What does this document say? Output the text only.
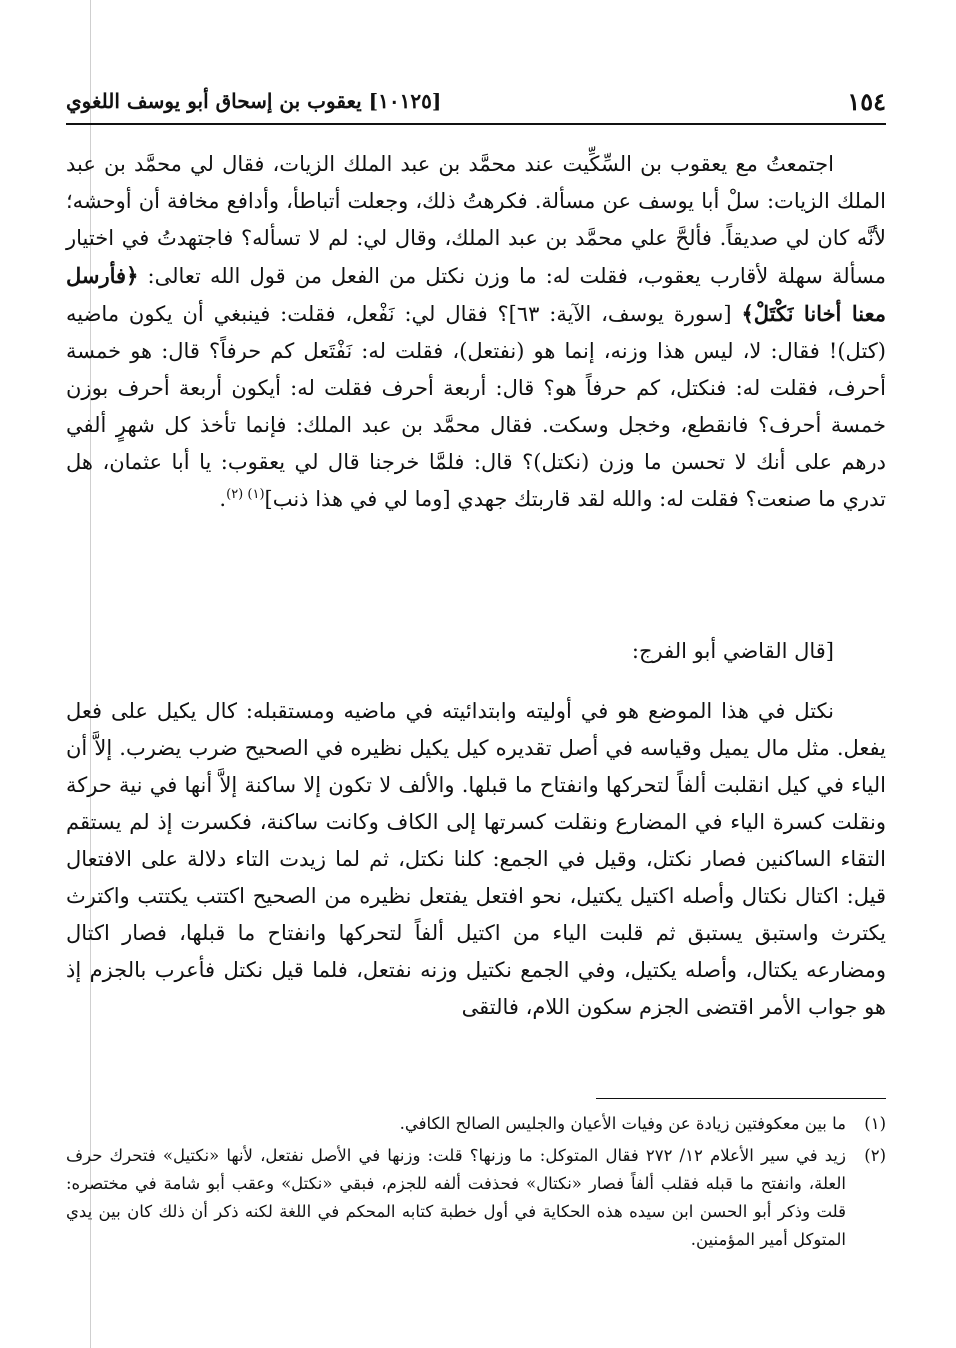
١٥٤
[١٠١٢٥] يعقوب بن إسحاق أبو يوسف اللغوي

اجتمعتُ مع يعقوب بن السِّكِّيت عند محمَّد بن عبد الملك الزيات، فقال لي محمَّد بن عبد الملك الزيات: سلْ أبا يوسف عن مسألة. فكرهتُ ذلك، وجعلت أتباطأ، وأدافع مخافة أن أوحشه؛ لأنَّه كان لي صديقاً. فألحَّ علي محمَّد بن عبد الملك، وقال لي: لم لا تسأله؟ فاجتهدتُ في اختيار مسألة سهلة لأقارب يعقوب، فقلت له: ما وزن نكتل من الفعل من قول الله تعالى: ﴿فأرسل معنا أخانا نَكْتَلْ﴾ [سورة يوسف، الآية: ٦٣]؟ فقال لي: نَفْعل، فقلت: فينبغي أن يكون ماضيه (كتل)! فقال: لا، ليس هذا وزنه، إنما هو (نفتعل)، فقلت له: نَفْتَعل كم حرفاً؟ قال: هو خمسة أحرف، فقلت له: فنكتل، كم حرفاً هو؟ قال: أربعة أحرف فقلت له: أيكون أربعة أحرف بوزن خمسة أحرف؟ فانقطع، وخجل وسكت. فقال محمَّد بن عبد الملك: فإنما تأخذ كل شهرٍ ألفي درهم على أنك لا تحسن ما وزن (نكتل)؟ قال: فلمَّا خرجنا قال لي يعقوب: يا أبا عثمان، هل تدري ما صنعت؟ فقلت له: والله لقد قاربتك جهدي [وما لي في هذا ذنب]$^{(١) (٢)}$.

[قال القاضي أبو الفرج:

نكتل في هذا الموضع هو في أوليته وابتدائيته في ماضيه ومستقبله: كال يكيل على فعل يفعل. مثل مال يميل وقياسه في أصل تقديره كيل يكيل نظيره في الصحيح ضرب يضرب. إلاَّ أن الياء في كيل انقلبت ألفاً لتحركها وانفتاح ما قبلها. والألف لا تكون إلا ساكنة إلاَّ أنها في نية حركة ونقلت كسرة الياء في المضارع ونقلت كسرتها إلى الكاف وكانت ساكنة، فكسرت إذ لم يستقم التقاء الساكنين فصار نكتل، وقيل في الجمع: كلنا نكتل، ثم لما زيدت التاء دلالة على الافتعال قيل: اكتال نكتال وأصله اكتيل يكتيل، نحو افتعل يفتعل نظيره من الصحيح اكتتب يكتتب واكترث يكترث واستبق يستبق ثم قلبت الياء من اكتيل ألفاً لتحركها وانفتاح ما قبلها، فصار اكتال ومضارعه يكتال، وأصله يكتيل، وفي الجمع نكتيل وزنه نفتعل، فلما قيل نكتل فأعرب بالجزم إذ هو جواب الأمر اقتضى الجزم سكون اللام، فالتقى

(١)
ما بين معكوفتين زيادة عن وفيات الأعيان والجليس الصالح الكافي.
(٢)
زيد في سير الأعلام ١٢/ ٢٧٢ فقال المتوكل: ما وزنها؟ قلت: وزنها في الأصل نفتعل، لأنها «نكتيل» فتحرك حرف العلة، وانفتح ما قبله فقلب ألفاً فصار «نكتال» فحذفت ألفه للجزم، فبقي «نكتل» وعقب أبو شامة في مختصره: قلت وذكر أبو الحسن ابن سيده هذه الحكاية في أول خطبة كتابه المحكم في اللغة لكنه ذكر أن ذلك كان بين يدي المتوكل أمير المؤمنين.
